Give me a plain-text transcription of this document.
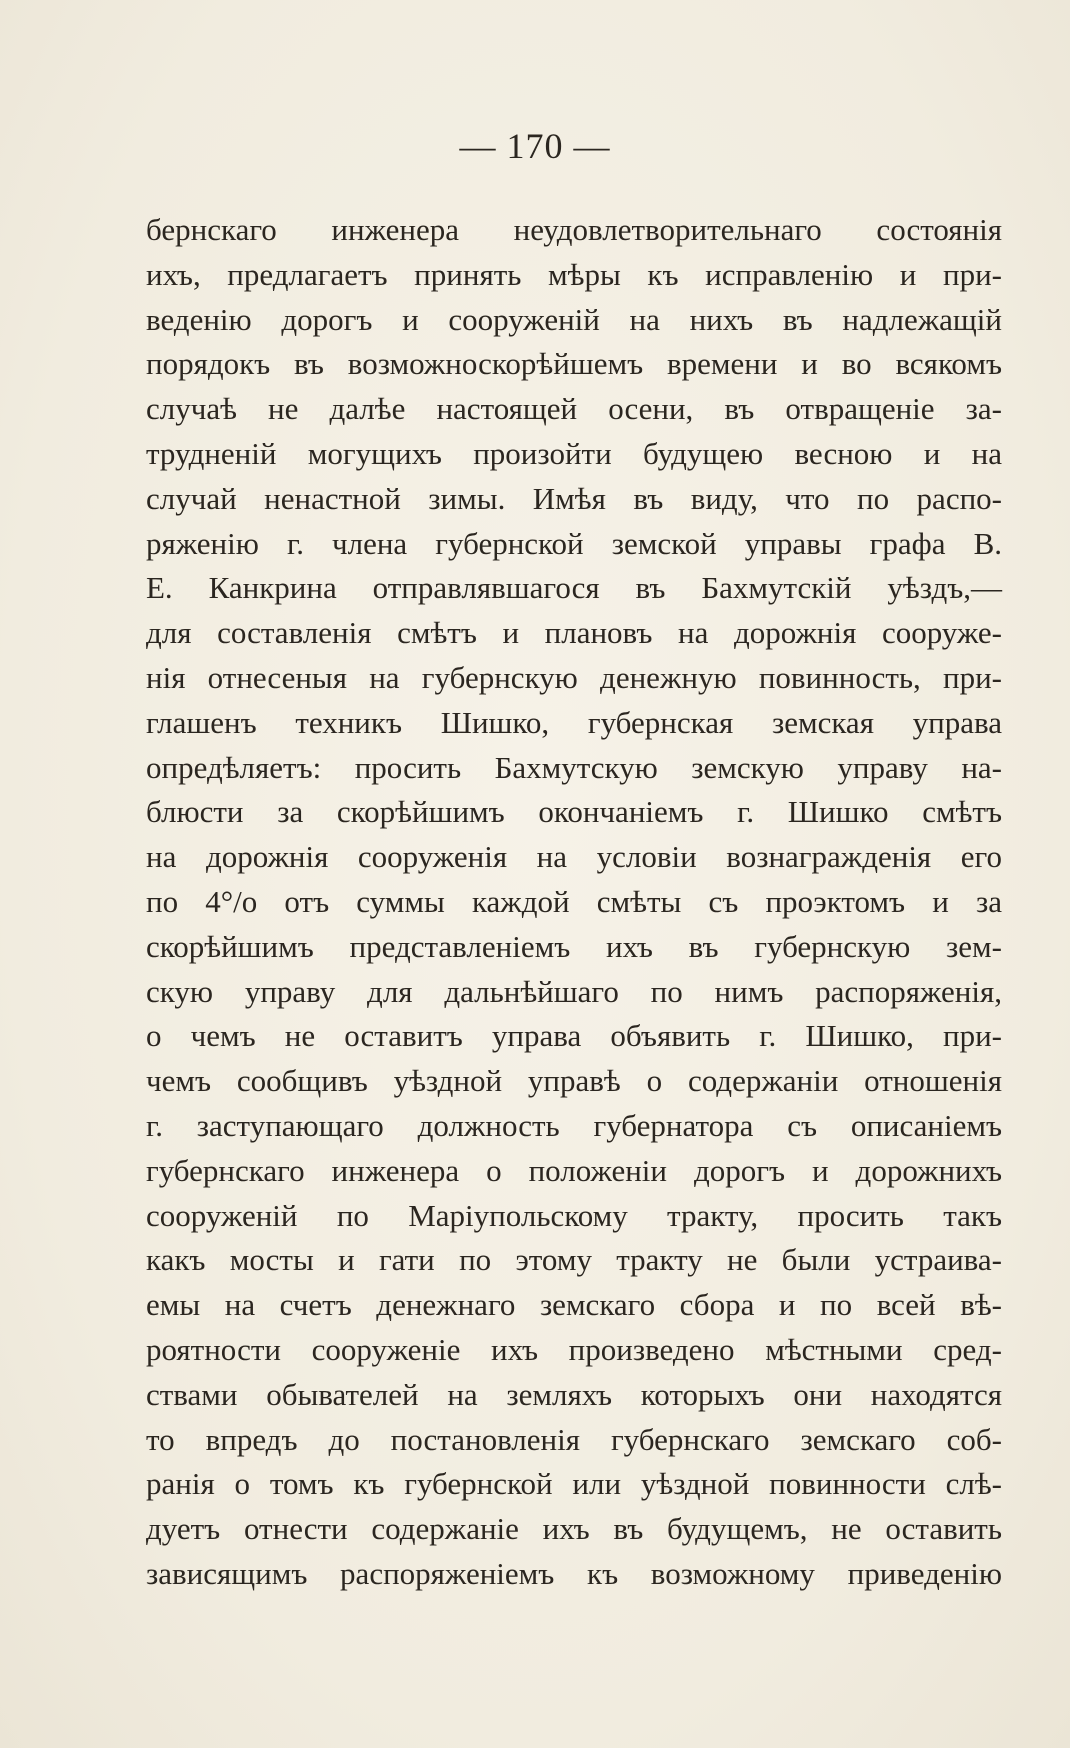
— 170 —
бернскаго инженера неудовлетворительнаго состоянія
ихъ, предлагаетъ принять мѣры къ исправленію и при-
веденію дорогъ и сооруженій на нихъ въ надлежащій
порядокъ въ возможноскорѣйшемъ времени и во всякомъ
случаѣ не далѣе настоящей осени, въ отвращеніе за-
трудненій могущихъ произойти будущею весною и на
случай ненастной зимы. Имѣя въ виду, что по распо-
ряженію г. члена губернской земской управы графа В.
Е. Канкрина отправлявшагося въ Бахмутскій уѣздъ,—
для составленія смѣтъ и плановъ на дорожнія сооруже-
нія отнесеныя на губернскую денежную повинность, при-
глашенъ техникъ Шишко, губернская земская управа
опредѣляетъ: просить Бахмутскую земскую управу на-
блюсти за скорѣйшимъ окончаніемъ г. Шишко смѣтъ
на дорожнія сооруженія на условіи вознагражденія его
по 4°/о отъ суммы каждой смѣты съ проэктомъ и за
скорѣйшимъ представленіемъ ихъ въ губернскую зем-
скую управу для дальнѣйшаго по нимъ распоряженія,
о чемъ не оставитъ управа объявить г. Шишко, при-
чемъ сообщивъ уѣздной управѣ о содержаніи отношенія
г. заступающаго должность губернатора съ описаніемъ
губернскаго инженера о положеніи дорогъ и дорожнихъ
сооруженій по Маріупольскому тракту, просить такъ
какъ мосты и гати по этому тракту не были устраива-
емы на счетъ денежнаго земскаго сбора и по всей вѣ-
роятности сооруженіе ихъ произведено мѣстными сред-
ствами обывателей на земляхъ которыхъ они находятся
то впредъ до постановленія губернскаго земскаго соб-
ранія о томъ къ губернской или уѣздной повинности слѣ-
дуетъ отнести содержаніе ихъ въ будущемъ, не оставить
зависящимъ распоряженіемъ къ возможному приведенію
